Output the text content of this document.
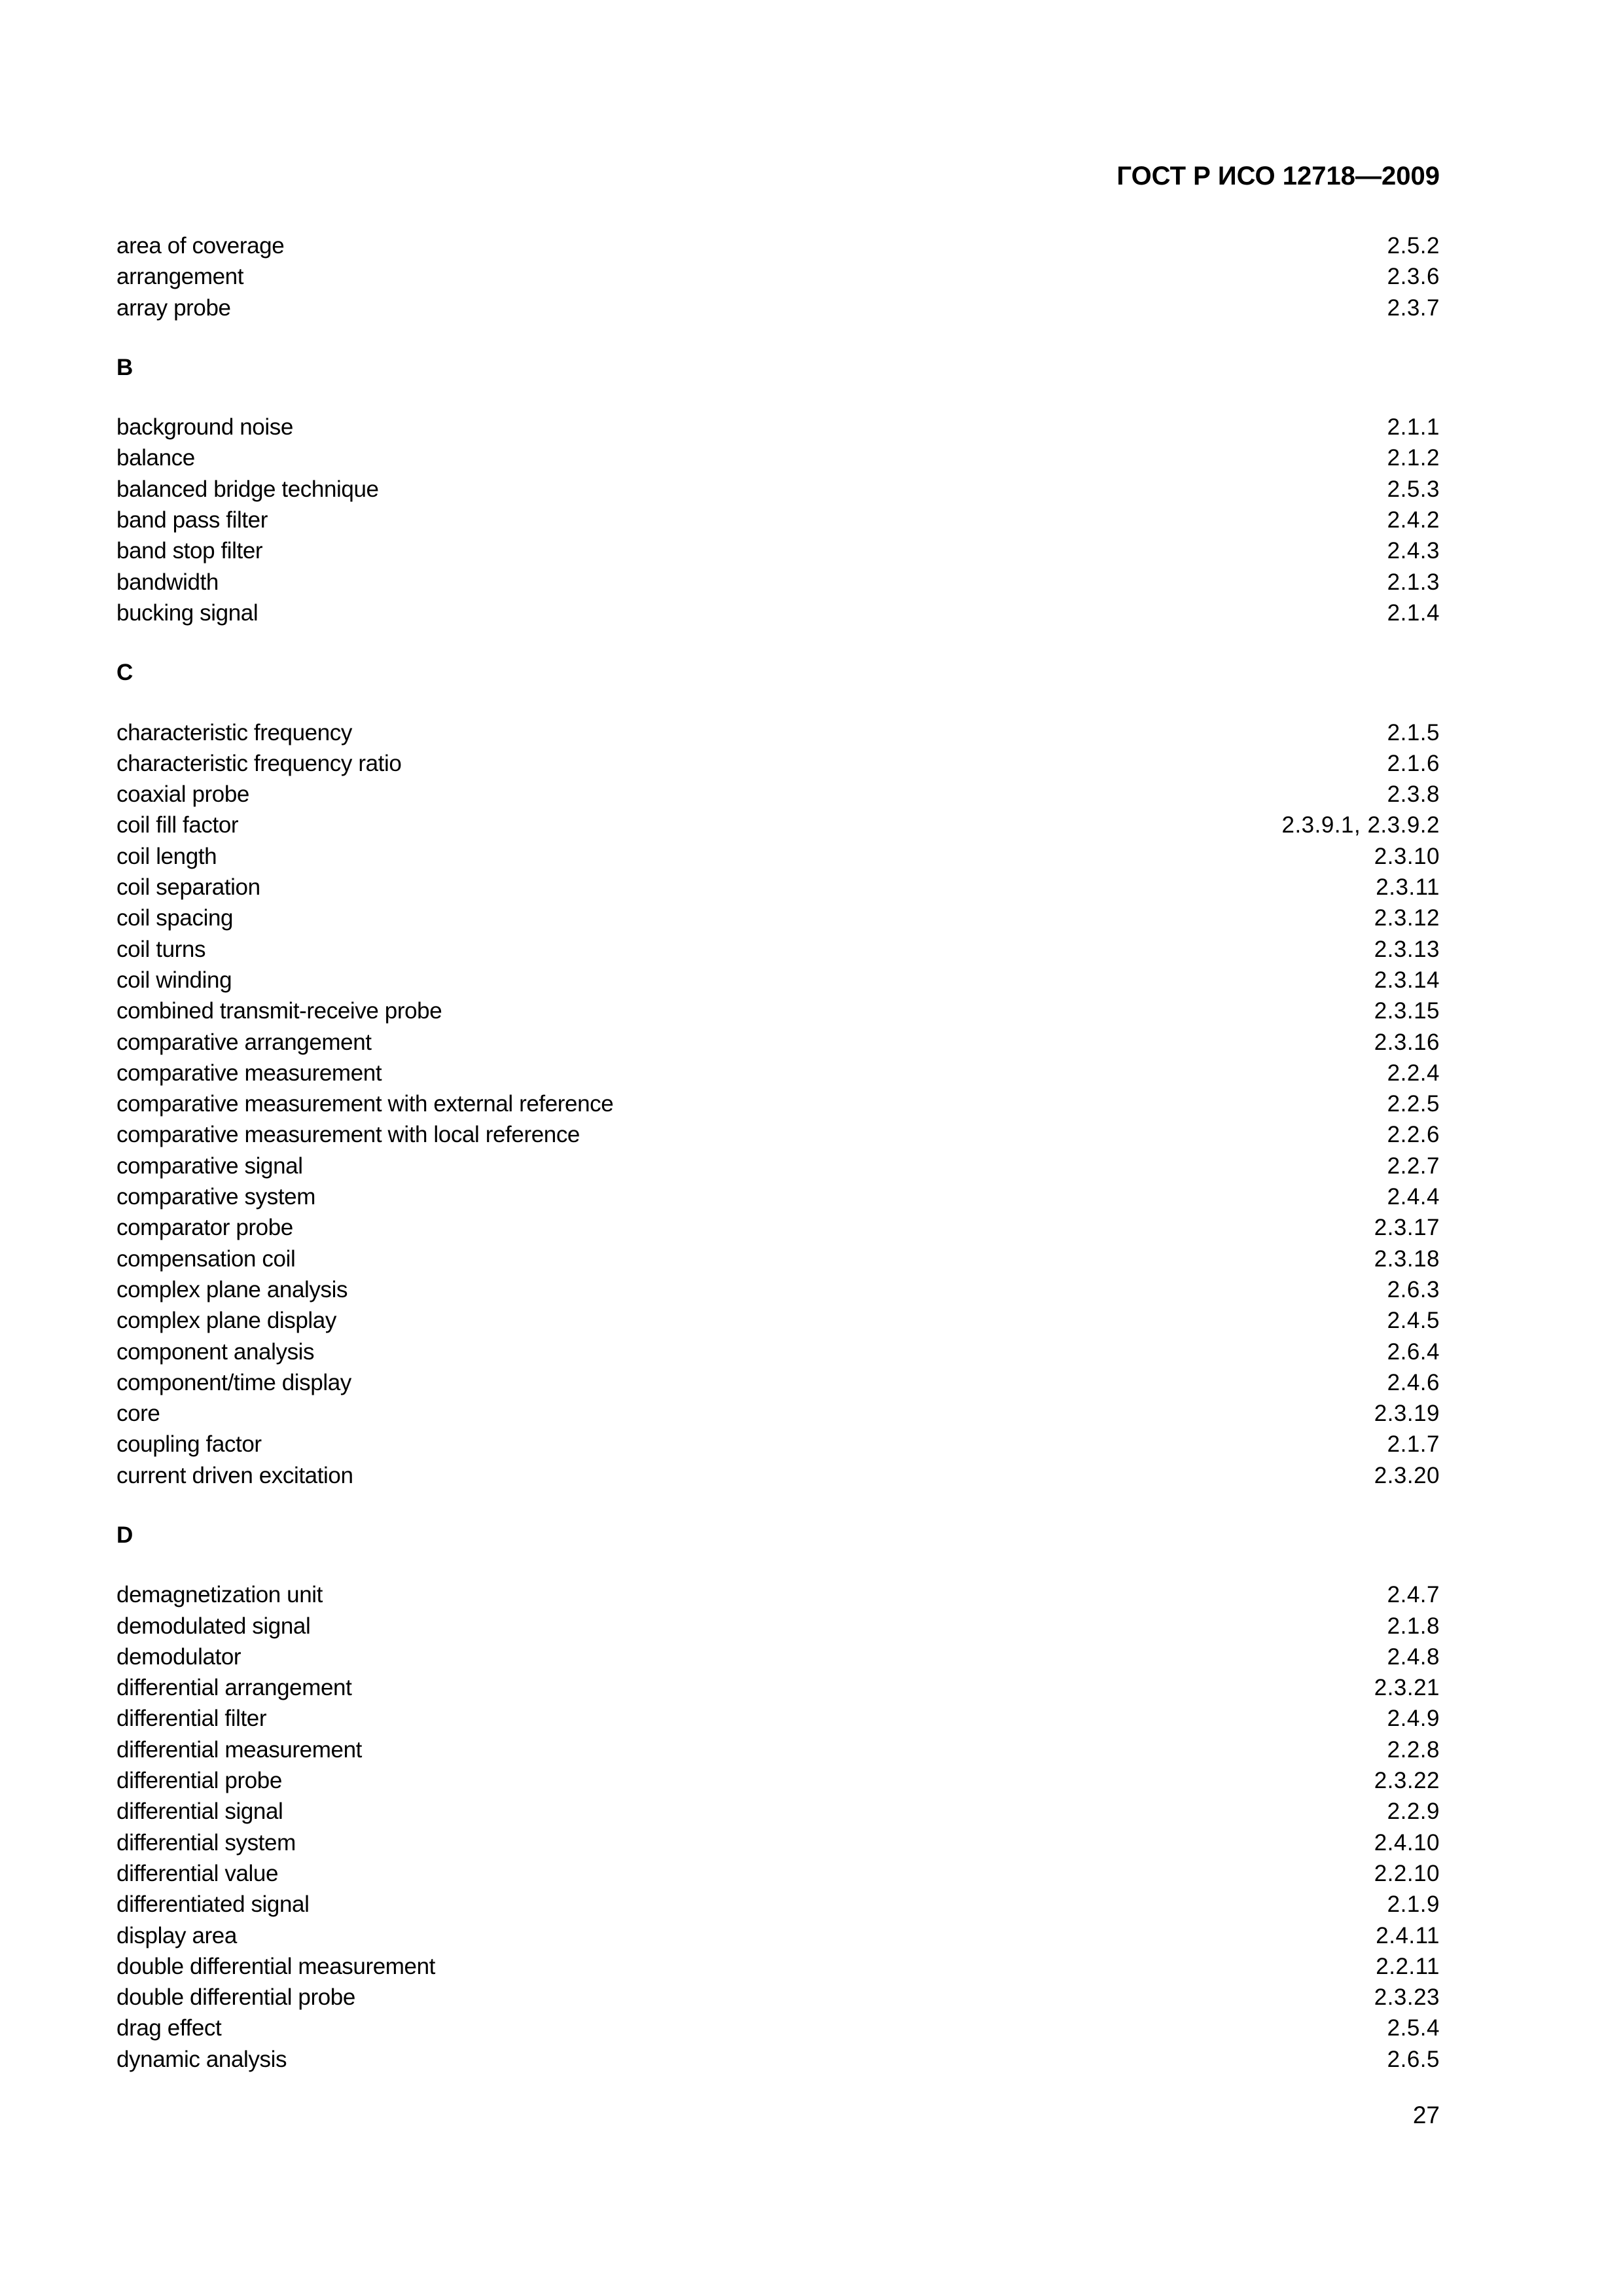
ГОСТ Р ИСО 12718—2009
area of coverage	2.5.2
arrangement	2.3.6
array probe	2.3.7
B
background noise	2.1.1
balance	2.1.2
balanced bridge technique	2.5.3
band pass filter	2.4.2
band stop filter	2.4.3
bandwidth	2.1.3
bucking signal	2.1.4
C
characteristic frequency	2.1.5
characteristic frequency ratio	2.1.6
coaxial probe	2.3.8
coil fill factor	2.3.9.1, 2.3.9.2
coil length	2.3.10
coil separation	2.3.11
coil spacing	2.3.12
coil turns	2.3.13
coil winding	2.3.14
combined transmit-receive probe	2.3.15
comparative arrangement	2.3.16
comparative measurement	2.2.4
comparative measurement with external reference	2.2.5
comparative measurement with local reference	2.2.6
comparative signal	2.2.7
comparative system	2.4.4
comparator probe	2.3.17
compensation coil	2.3.18
complex plane analysis	2.6.3
complex plane display	2.4.5
component analysis	2.6.4
component/time display	2.4.6
core	2.3.19
coupling factor	2.1.7
current driven excitation	2.3.20
D
demagnetization unit	2.4.7
demodulated signal	2.1.8
demodulator	2.4.8
differential arrangement	2.3.21
differential filter	2.4.9
differential measurement	2.2.8
differential probe	2.3.22
differential signal	2.2.9
differential system	2.4.10
differential value	2.2.10
differentiated signal	2.1.9
display area	2.4.11
double differential measurement	2.2.11
double differential probe	2.3.23
drag effect	2.5.4
dynamic analysis	2.6.5
27
